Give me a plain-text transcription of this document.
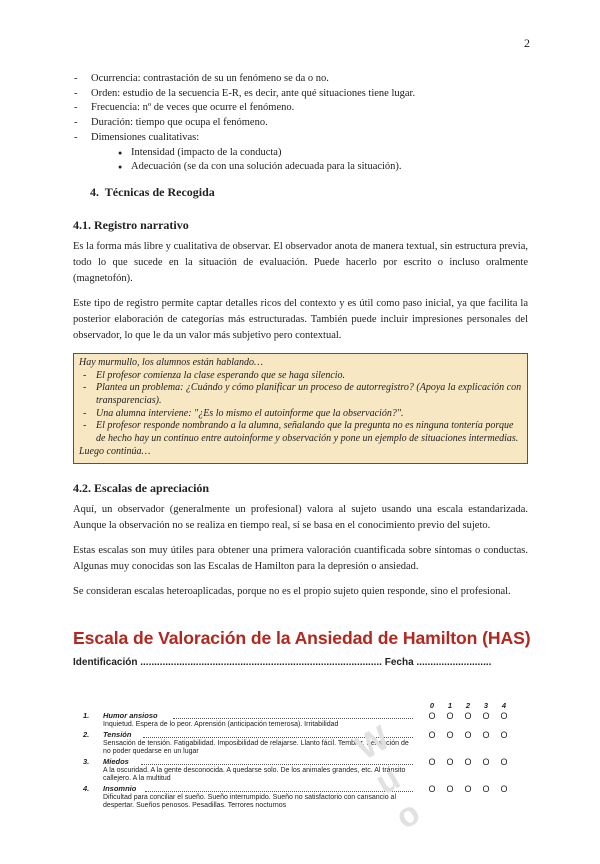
2
- Ocurrencia: contrastación de su un fenómeno se da o no.
- Orden: estudio de la secuencia E-R, es decir, ante qué situaciones tiene lugar.
- Frecuencia: nº de veces que ocurre el fenómeno.
- Duración: tiempo que ocupa el fenómeno.
- Dimensiones cualitativas:
● Intensidad (impacto de la conducta)
● Adecuación (se da con una solución adecuada para la situación).
4. Técnicas de Recogida
4.1. Registro narrativo

Es la forma más libre y cualitativa de observar. El observador anota de manera textual, sin estructura previa, todo lo que sucede en la situación de evaluación. Puede hacerlo por escrito o incluso oralmente (magnetofón).

Este tipo de registro permite captar detalles ricos del contexto y es útil como paso inicial, ya que facilita la posterior elaboración de categorías más estructuradas. También puede incluir impresiones personales del observador, lo que le da un valor más subjetivo pero contextual.

Hay murmullo, los alumnos están hablando…
- El profesor comienza la clase esperando que se haga silencio.
- Plantea un problema: ¿Cuándo y cómo planificar un proceso de autorregistro? (Apoya la explicación con transparencias).
- Una alumna interviene: "¿Es lo mismo el autoinforme que la observación?".
- El profesor responde nombrando a la alumna, señalando que la pregunta no es ninguna tontería porque de hecho hay un continuo entre autoinforme y observación y pone un ejemplo de situaciones intermedias.
Luego continúa…
4.2. Escalas de apreciación

Aquí, un observador (generalmente un profesional) valora al sujeto usando una escala estandarizada. Aunque la observación no se realiza en tiempo real, sí se basa en el conocimiento previo del sujeto.

Estas escalas son muy útiles para obtener una primera valoración cuantificada sobre síntomas o conductas. Algunas muy conocidas son las Escalas de Hamilton para la depresión o ansiedad.

Se consideran escalas heteroaplicadas, porque no es el propio sujeto quien responde, sino el profesional.

Escala de Valoración de la Ansiedad de Hamilton (HAS)
Identificación ....................................................................................... Fecha ...........................
0 1 2 3 4
1. Humor ansioso	O O O O O
Inquietud. Espera de lo peor. Aprensión (anticipación temerosa). Irritabilidad
2. Tensión	O O O O O
Sensación de tensión. Fatigabilidad. Imposibilidad de relajarse. Llanto fácil. Temblor. Sensación de no poder quedarse en un lugar
3. Miedos	O O O O O
A la oscuridad. A la gente desconocida. A quedarse solo. De los animales grandes, etc. Al tránsito callejero. A la multitud
4. Insomnio	O O O O O
Dificultad para conciliar el sueño. Sueño interrumpido. Sueño no satisfactorio con cansancio al despertar. Sueños penosos. Pesadillas. Terrores nocturnos
W
u
o
